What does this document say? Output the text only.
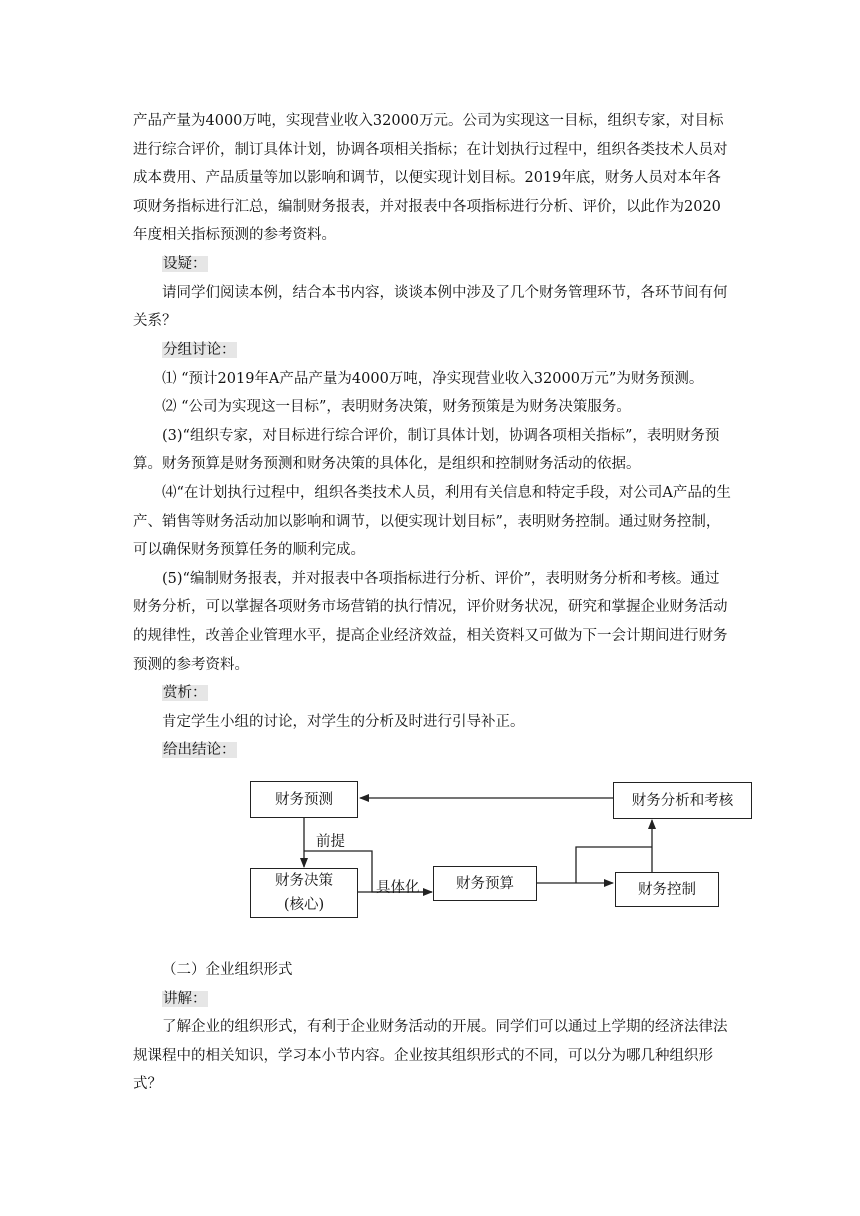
产品产量为4000万吨，实现营业收入32000万元。公司为实现这一目标，组织专家，对目标进行综合评价，制订具体计划，协调各项相关指标；在计划执行过程中，组织各类技术人员对成本费用、产品质量等加以影响和调节，以便实现计划目标。2019年底，财务人员对本年各项财务指标进行汇总，编制财务报表，并对报表中各项指标进行分析、评价，以此作为2020年度相关指标预测的参考资料。

设疑：

请同学们阅读本例，结合本书内容，谈谈本例中涉及了几个财务管理环节，各环节间有何关系？

分组讨论：

⑴ “预计2019年A产品产量为4000万吨，净实现营业收入32000万元”为财务预测。

⑵ “公司为实现这一目标”，表明财务决策，财务预策是为财务决策服务。

(3)“组织专家，对目标进行综合评价，制订具体计划，协调各项相关指标”，表明财务预算。财务预算是财务预测和财务决策的具体化，是组织和控制财务活动的依据。

⑷“在计划执行过程中，组织各类技术人员，利用有关信息和特定手段，对公司A产品的生产、销售等财务活动加以影响和调节，以便实现计划目标”，表明财务控制。通过财务控制，可以确保财务预算任务的顺利完成。

(5)“编制财务报表，并对报表中各项指标进行分析、评价”，表明财务分析和考核。通过财务分析，可以掌握各项财务市场营销的执行情况，评价财务状况，研究和掌握企业财务活动的规律性，改善企业管理水平，提高企业经济效益，相关资料又可做为下一会计期间进行财务预测的参考资料。

赏析：

肯定学生小组的讨论，对学生的分析及时进行引导补正。

给出结论：

财务预测	财务分析和考核
财务决策
(核心)
财务预算	财务控制
前提
具体化

（二）企业组织形式

讲解：

了解企业的组织形式，有利于企业财务活动的开展。同学们可以通过上学期的经济法律法规课程中的相关知识，学习本小节内容。企业按其组织形式的不同，可以分为哪几种组织形式？
